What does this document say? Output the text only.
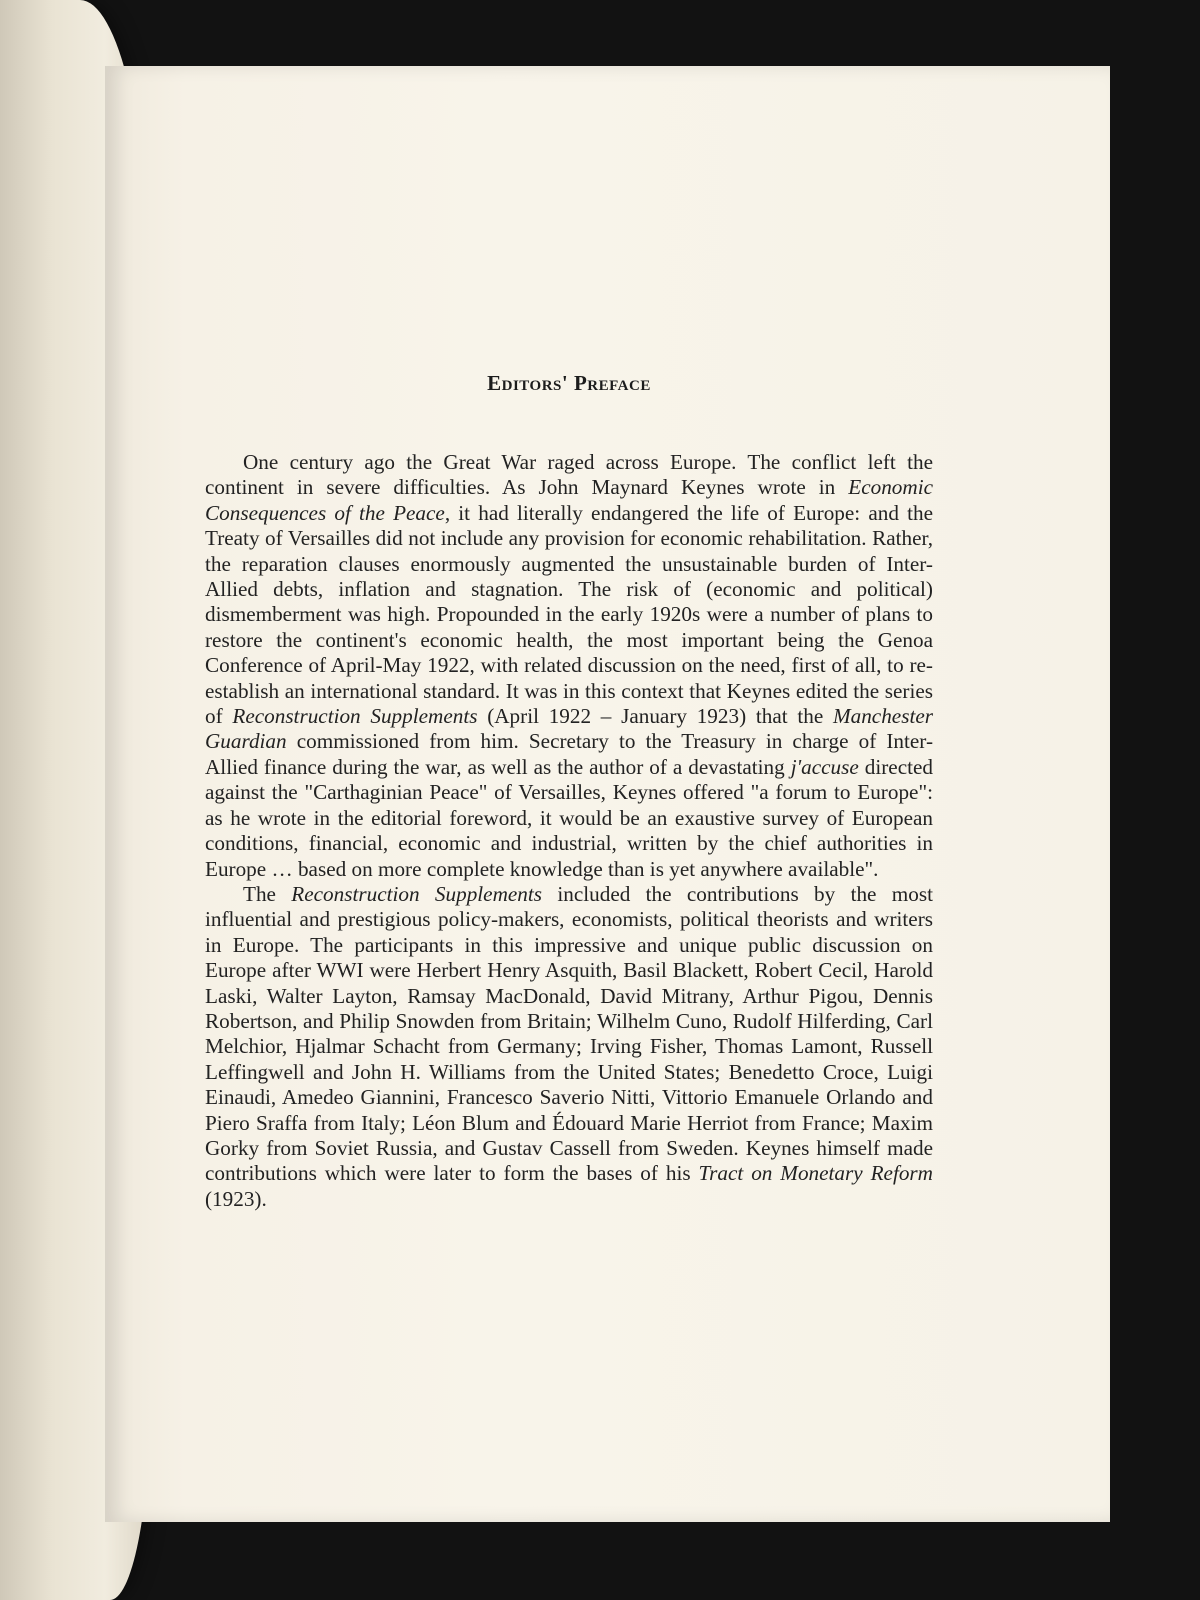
Editors' Preface

One century ago the Great War raged across Europe. The conflict left the continent in severe difficulties. As John Maynard Keynes wrote in Economic Consequences of the Peace, it had literally endangered the life of Europe: and the Treaty of Versailles did not include any provision for economic rehabilitation. Rather, the reparation clauses enormously augmented the unsustainable burden of Inter-Allied debts, inflation and stagnation. The risk of (economic and political) dismemberment was high. Propounded in the early 1920s were a number of plans to restore the continent's economic health, the most important being the Genoa Conference of April-May 1922, with related discussion on the need, first of all, to re-establish an international standard. It was in this context that Keynes edited the series of Reconstruction Supplements (April 1922 – January 1923) that the Manchester Guardian commissioned from him. Secretary to the Treasury in charge of Inter-Allied finance during the war, as well as the author of a devastating j'accuse directed against the "Carthaginian Peace" of Versailles, Keynes offered "a forum to Europe": as he wrote in the editorial foreword, it would be an exaustive survey of European conditions, financial, economic and industrial, written by the chief authorities in Europe … based on more complete knowledge than is yet anywhere available".

The Reconstruction Supplements included the contributions by the most influential and prestigious policy-makers, economists, political theorists and writers in Europe. The participants in this impressive and unique public discussion on Europe after WWI were Herbert Henry Asquith, Basil Blackett, Robert Cecil, Harold Laski, Walter Layton, Ramsay MacDonald, David Mitrany, Arthur Pigou, Dennis Robertson, and Philip Snowden from Britain; Wilhelm Cuno, Rudolf Hilferding, Carl Melchior, Hjalmar Schacht from Germany; Irving Fisher, Thomas Lamont, Russell Leffingwell and John H. Williams from the United States; Benedetto Croce, Luigi Einaudi, Amedeo Giannini, Francesco Saverio Nitti, Vittorio Emanuele Orlando and Piero Sraffa from Italy; Léon Blum and Édouard Marie Herriot from France; Maxim Gorky from Soviet Russia, and Gustav Cassell from Sweden. Keynes himself made contributions which were later to form the bases of his Tract on Monetary Reform (1923).
